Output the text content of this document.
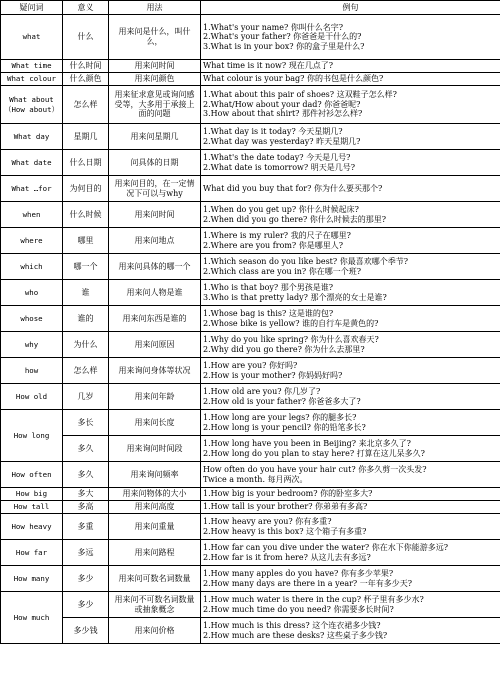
疑问词	意义	用法	例句
what	什么	用来问是什么，叫什么，	1.What's your name? 你叫什么名字?
2.What's your father? 你爸爸是干什么的?
3.What is in your box? 你的盒子里是什么?

What time	什么时间	用来问时间	What time is it now? 现在几点了?

What colour	什么颜色	用来问颜色	What colour is your bag? 你的书包是什么颜色?

What about（How about）	怎么样	用来征求意见或询问感受等，大多用于承接上面的问题	1.What about this pair of shoes? 这双鞋子怎么样?
2.What/How about your dad? 你爸爸呢?
3.How about that shirt? 那件衬衫怎么样?

What day	星期几	用来问星期几	1.What day is it today? 今天星期几?
2.What day was yesterday? 昨天星期几?

What date	什么日期	问具体的日期	1.What's the date today? 今天是几号?
2.What date is tomorrow? 明天是几号?

What …for	为何目的	用来问目的，在一定情况下可以与why	What did you buy that for? 你为什么要买那个?

when	什么时候	用来问时间	1.When do you get up? 你什么时候起床?
2.When did you go there? 你什么时候去的那里?

where	哪里	用来问地点	1.Where is my ruler? 我的尺子在哪里?
2.Where are you from? 你是哪里人?

which	哪一个	用来问具体的哪一个	1.Which season do you like best? 你最喜欢哪个季节?
2.Which class are you in? 你在哪一个班?

who	谁	用来问人物是谁	1.Who is that boy? 那个男孩是谁?
3.Who is that pretty lady? 那个漂亮的女士是谁?

whose	谁的	用来问东西是谁的	1.Whose bag is this? 这是谁的包?
2.Whose bike is yellow? 谁的自行车是黄色的?

why	为什么	用来问原因	1.Why do you like spring? 你为什么喜欢春天?
2.Why did you go there? 你为什么去那里?

how	怎么样	用来询问身体等状况	1.How are you? 你好吗?
2.How is your mother? 你妈妈好吗?

How old	几岁	用来问年龄	1.How old are you? 你几岁了?
2.How old is your father? 你爸爸多大了?

How long	多长	用来问长度	1.How long are your legs? 你的腿多长?
2.How long is your pencil? 你的铅笔多长?

	多久	用来询问时间段	1.How long have you been in Beijing? 来北京多久了?
2.How long do you plan to stay here? 打算在这儿呆多久?

How often	多久	用来询问频率	How often do you have your hair cut? 你多久剪一次头发?
Twice a month. 每月两次。

How big	多大	用来问物体的大小	1.How big is your bedroom? 你的卧室多大?

How tall	多高	用来问高度	1.How tall is your brother? 你弟弟有多高?

How heavy	多重	用来问重量	1.How heavy are you? 你有多重?
2.How heavy is this box? 这个箱子有多重?

How far	多远	用来问路程	1.How far can you dive under the water? 你在水下你能游多远?
2.How far is it from here? 从这儿去有多远?

How many	多少	用来问可数名词数量	1.How many apples do you have? 你有多少苹果?
2.How many days are there in a year? 一年有多少天?

How much	多少	用来问不可数名词数量或抽象概念	1.How much water is there in the cup? 杯子里有多少水?
2.How much time do you need? 你需要多长时间?

	多少钱	用来问价格	1.How much is this dress? 这个连衣裙多少钱?
2.How much are these desks? 这些桌子多少钱?
